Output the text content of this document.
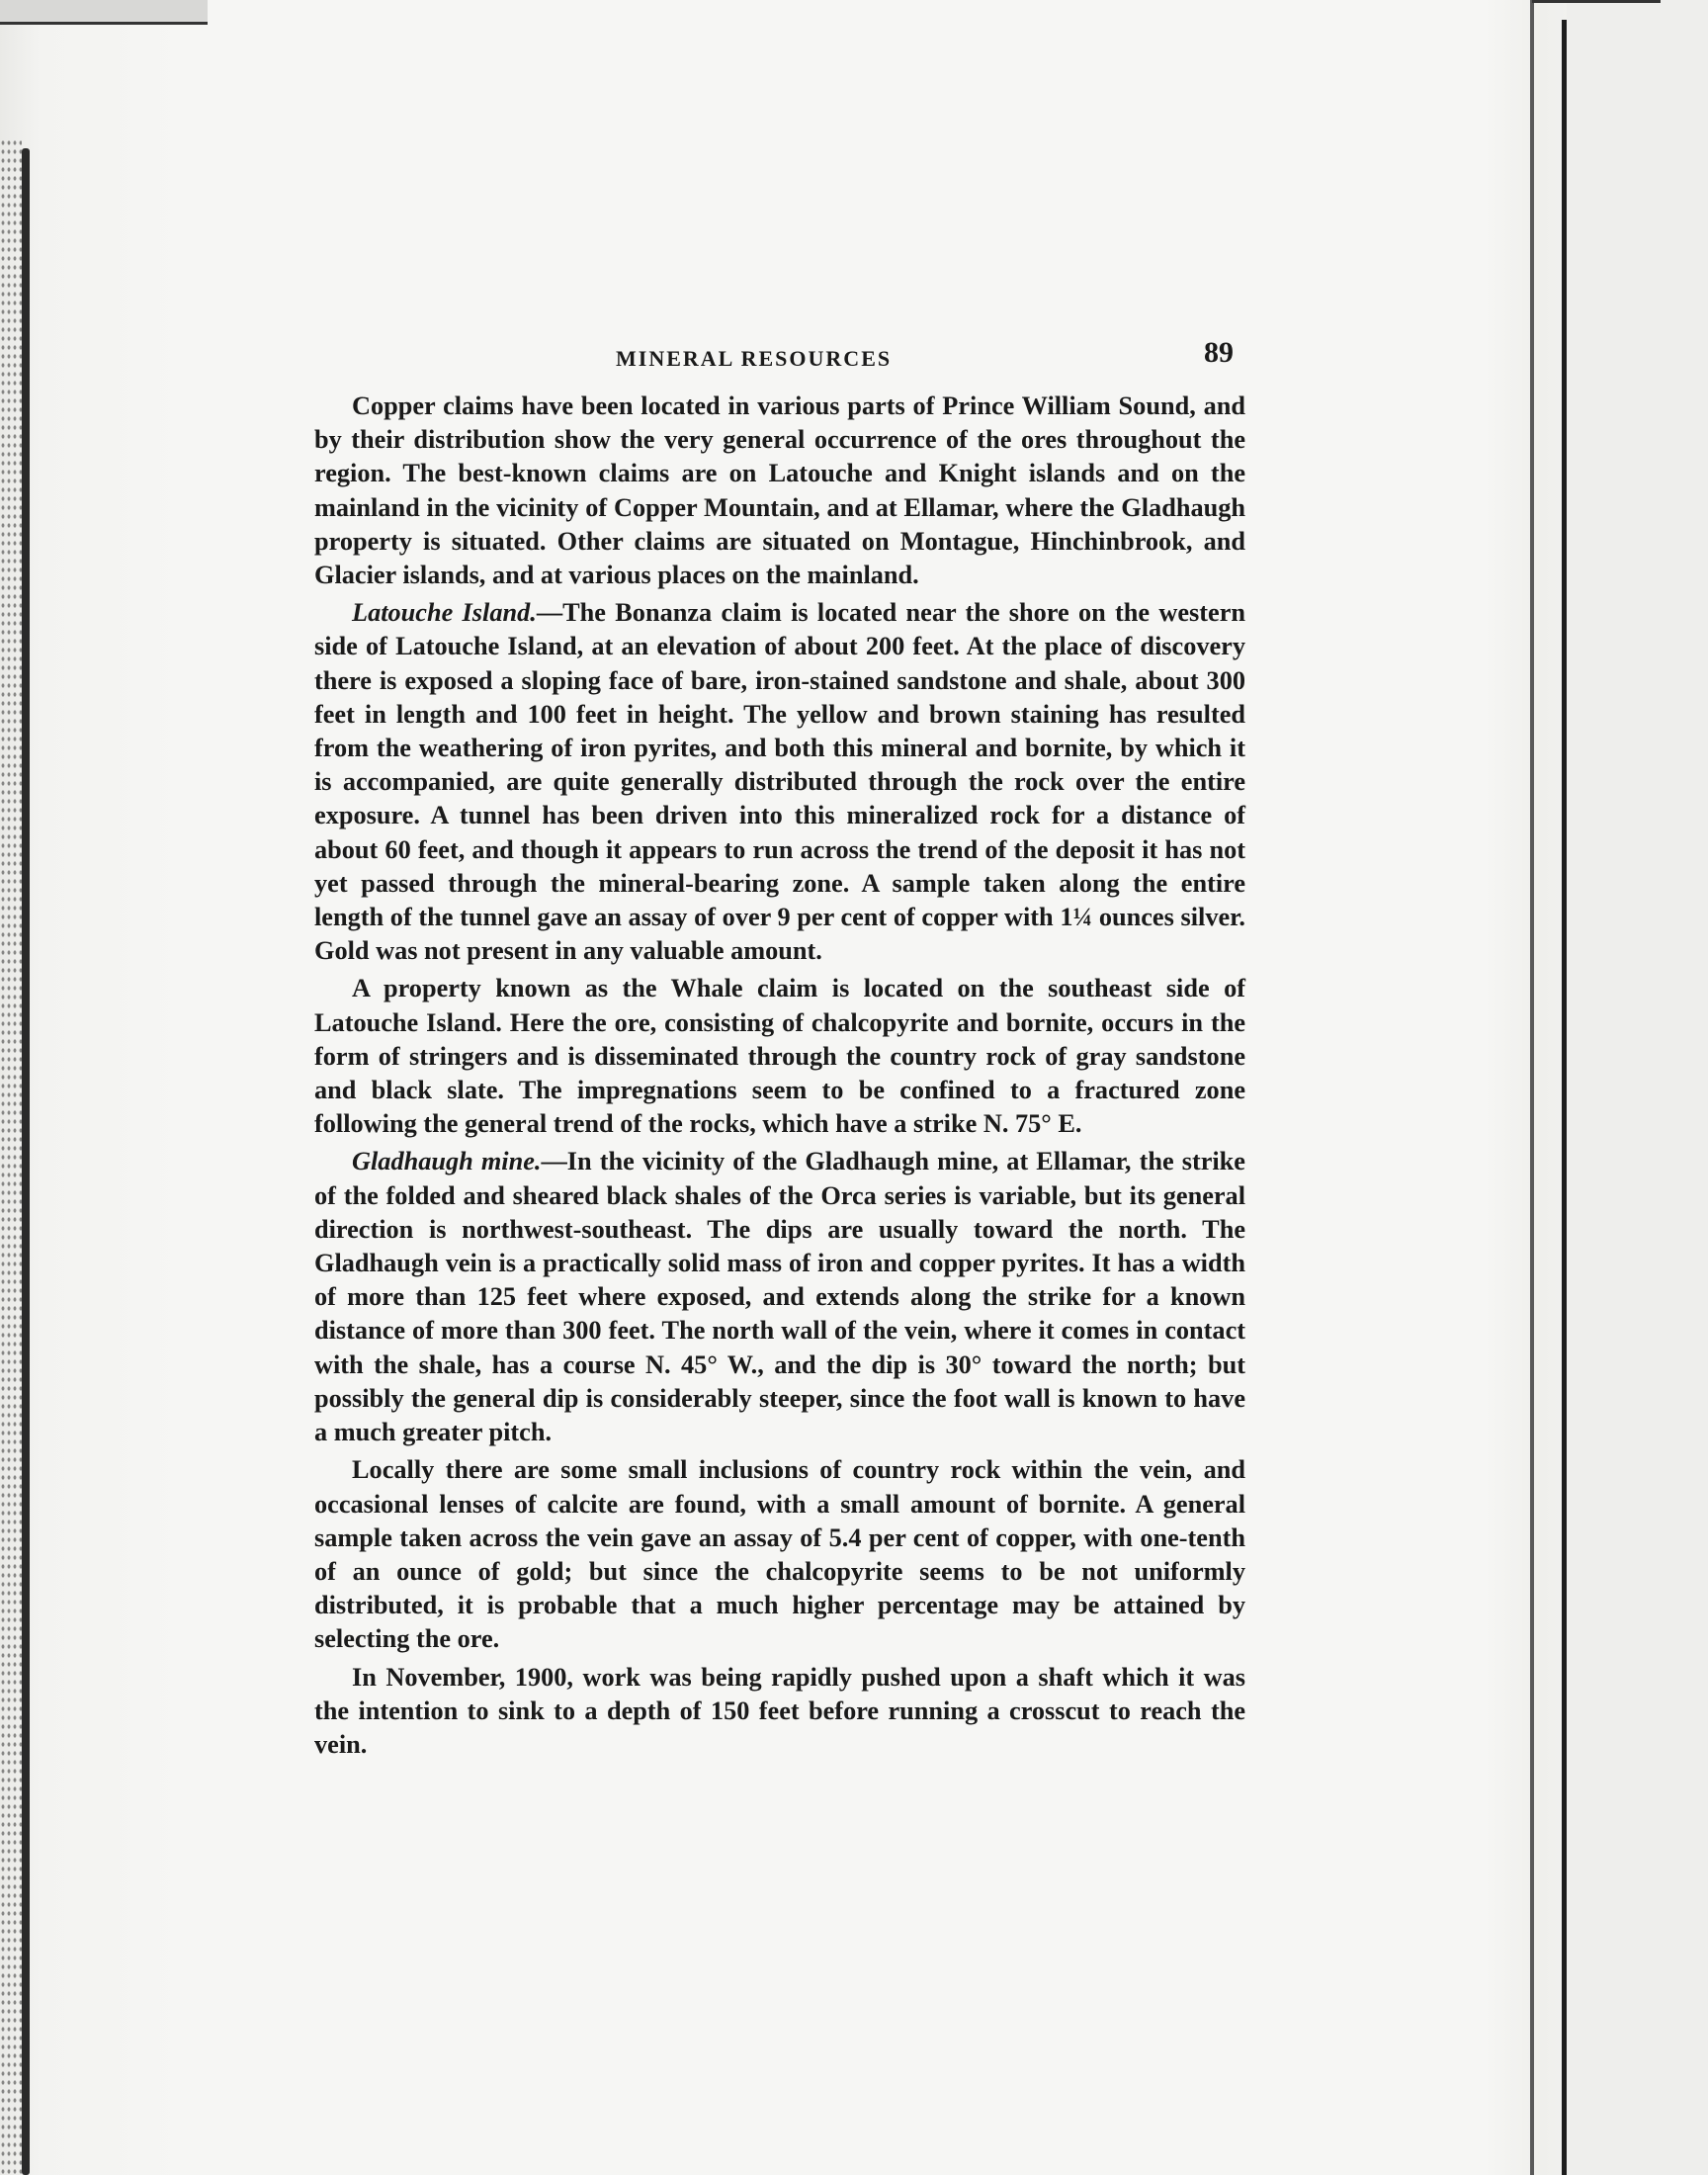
MINERAL RESOURCES	89

Copper claims have been located in various parts of Prince William Sound, and by their distribution show the very general occurrence of the ores throughout the region. The best-known claims are on Latouche and Knight islands and on the mainland in the vicinity of Copper Mountain, and at Ellamar, where the Gladhaugh property is situated. Other claims are situated on Montague, Hinchinbrook, and Glacier islands, and at various places on the mainland.

Latouche Island.—The Bonanza claim is located near the shore on the western side of Latouche Island, at an elevation of about 200 feet. At the place of discovery there is exposed a sloping face of bare, iron-stained sandstone and shale, about 300 feet in length and 100 feet in height. The yellow and brown staining has resulted from the weathering of iron pyrites, and both this mineral and bornite, by which it is accompanied, are quite generally distributed through the rock over the entire exposure. A tunnel has been driven into this mineralized rock for a distance of about 60 feet, and though it appears to run across the trend of the deposit it has not yet passed through the mineral-bearing zone. A sample taken along the entire length of the tunnel gave an assay of over 9 per cent of copper with 1¼ ounces silver. Gold was not present in any valuable amount.

A property known as the Whale claim is located on the southeast side of Latouche Island. Here the ore, consisting of chalcopyrite and bornite, occurs in the form of stringers and is disseminated through the country rock of gray sandstone and black slate. The impregnations seem to be confined to a fractured zone following the general trend of the rocks, which have a strike N. 75° E.

Gladhaugh mine.—In the vicinity of the Gladhaugh mine, at Ellamar, the strike of the folded and sheared black shales of the Orca series is variable, but its general direction is northwest-southeast. The dips are usually toward the north. The Gladhaugh vein is a practically solid mass of iron and copper pyrites. It has a width of more than 125 feet where exposed, and extends along the strike for a known distance of more than 300 feet. The north wall of the vein, where it comes in contact with the shale, has a course N. 45° W., and the dip is 30° toward the north; but possibly the general dip is considerably steeper, since the foot wall is known to have a much greater pitch.

Locally there are some small inclusions of country rock within the vein, and occasional lenses of calcite are found, with a small amount of bornite. A general sample taken across the vein gave an assay of 5.4 per cent of copper, with one-tenth of an ounce of gold; but since the chalcopyrite seems to be not uniformly distributed, it is probable that a much higher percentage may be attained by selecting the ore.

In November, 1900, work was being rapidly pushed upon a shaft which it was the intention to sink to a depth of 150 feet before running a crosscut to reach the vein.
